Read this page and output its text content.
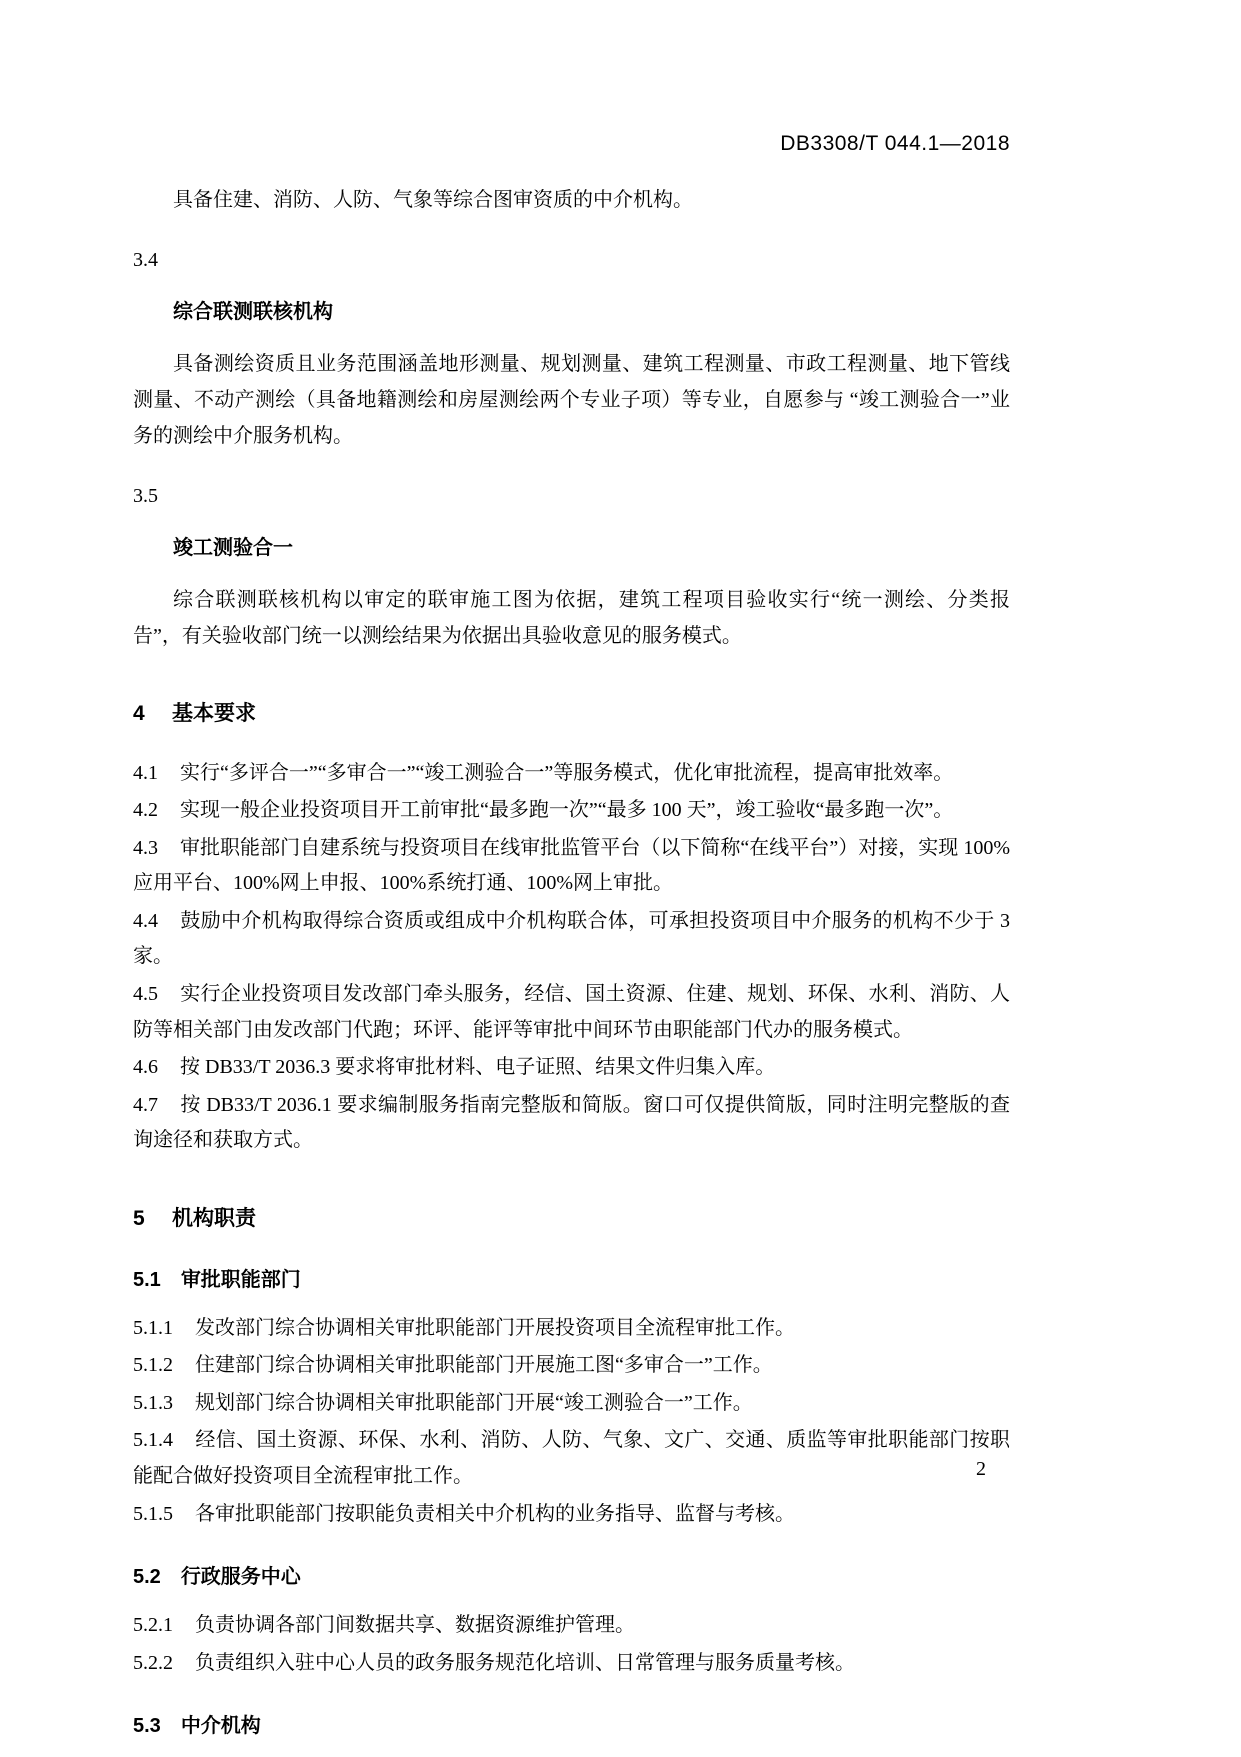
DB3308/T 044.1—2018

具备住建、消防、人防、气象等综合图审资质的中介机构。

3.4
综合联测联核机构

具备测绘资质且业务范围涵盖地形测量、规划测量、建筑工程测量、市政工程测量、地下管线测量、不动产测绘（具备地籍测绘和房屋测绘两个专业子项）等专业，自愿参与 “竣工测验合一”业务的测绘中介服务机构。

3.5
竣工测验合一

综合联测联核机构以审定的联审施工图为依据，建筑工程项目验收实行“统一测绘、分类报告”，有关验收部门统一以测绘结果为依据出具验收意见的服务模式。

4 基本要求

4.1 实行“多评合一”“多审合一”“竣工测验合一”等服务模式，优化审批流程，提高审批效率。

4.2 实现一般企业投资项目开工前审批“最多跑一次”“最多 100 天”，竣工验收“最多跑一次”。

4.3 审批职能部门自建系统与投资项目在线审批监管平台（以下简称“在线平台”）对接，实现 100%应用平台、100%网上申报、100%系统打通、100%网上审批。

4.4 鼓励中介机构取得综合资质或组成中介机构联合体，可承担投资项目中介服务的机构不少于 3 家。

4.5 实行企业投资项目发改部门牵头服务，经信、国土资源、住建、规划、环保、水利、消防、人防等相关部门由发改部门代跑；环评、能评等审批中间环节由职能部门代办的服务模式。

4.6 按 DB33/T 2036.3 要求将审批材料、电子证照、结果文件归集入库。

4.7 按 DB33/T 2036.1 要求编制服务指南完整版和简版。窗口可仅提供简版，同时注明完整版的查询途径和获取方式。

5 机构职责
5.1 审批职能部门

5.1.1 发改部门综合协调相关审批职能部门开展投资项目全流程审批工作。

5.1.2 住建部门综合协调相关审批职能部门开展施工图“多审合一”工作。

5.1.3 规划部门综合协调相关审批职能部门开展“竣工测验合一”工作。

5.1.4 经信、国土资源、环保、水利、消防、人防、气象、文广、交通、质监等审批职能部门按职能配合做好投资项目全流程审批工作。

5.1.5 各审批职能部门按职能负责相关中介机构的业务指导、监督与考核。

5.2 行政服务中心

5.2.1 负责协调各部门间数据共享、数据资源维护管理。

5.2.2 负责组织入驻中心人员的政务服务规范化培训、日常管理与服务质量考核。

5.3 中介机构
2
